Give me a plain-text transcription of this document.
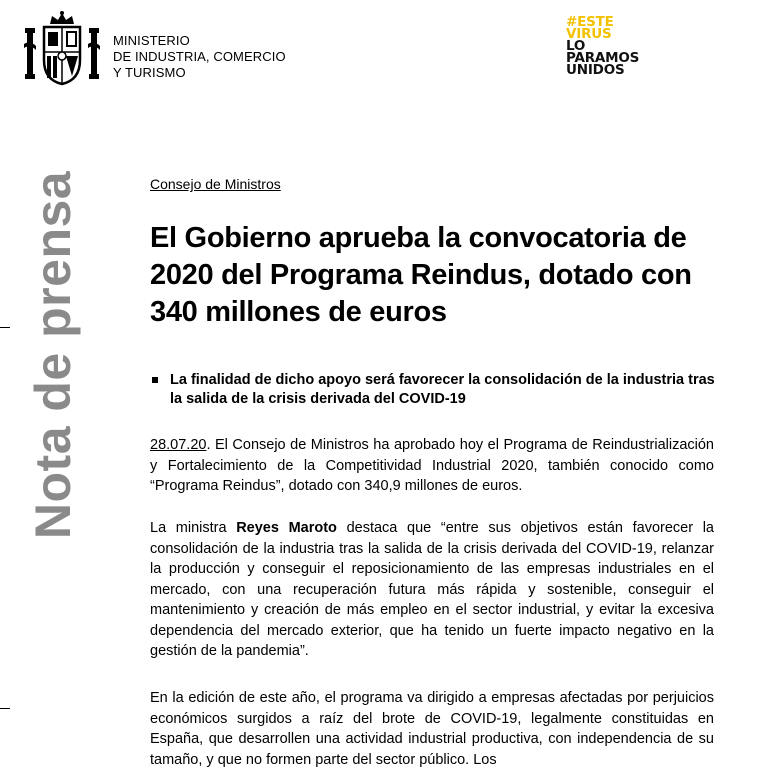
MINISTERIO
DE INDUSTRIA, COMERCIO
Y TURISMO
#ESTE
VIRUS
LO
PARAMOS
UNIDOS
Nota de prensa	Consejo de Ministros
El Gobierno aprueba la convocatoria de 2020 del Programa Reindus, dotado con 340 millones de euros
La finalidad de dicho apoyo será favorecer la consolidación de la industria tras la salida de la crisis derivada del COVID-19
28.07.20. El Consejo de Ministros ha aprobado hoy el Programa de Reindustrialización y Fortalecimiento de la Competitividad Industrial 2020, también conocido como “Programa Reindus”, dotado con 340,9 millones de euros.
La ministra Reyes Maroto destaca que “entre sus objetivos están favorecer la consolidación de la industria tras la salida de la crisis derivada del COVID-19, relanzar la producción y conseguir el reposicionamiento de las empresas industriales en el mercado, con una recuperación futura más rápida y sostenible, conseguir el mantenimiento y creación de más empleo en el sector industrial, y evitar la excesiva dependencia del mercado exterior, que ha tenido un fuerte impacto negativo en la gestión de la pandemia”.
En la edición de este año, el programa va dirigido a empresas afectadas por perjuicios económicos surgidos a raíz del brote de COVID-19, legalmente constituidas en España, que desarrollen una actividad industrial productiva, con independencia de su tamaño, y que no formen parte del sector público. Los
